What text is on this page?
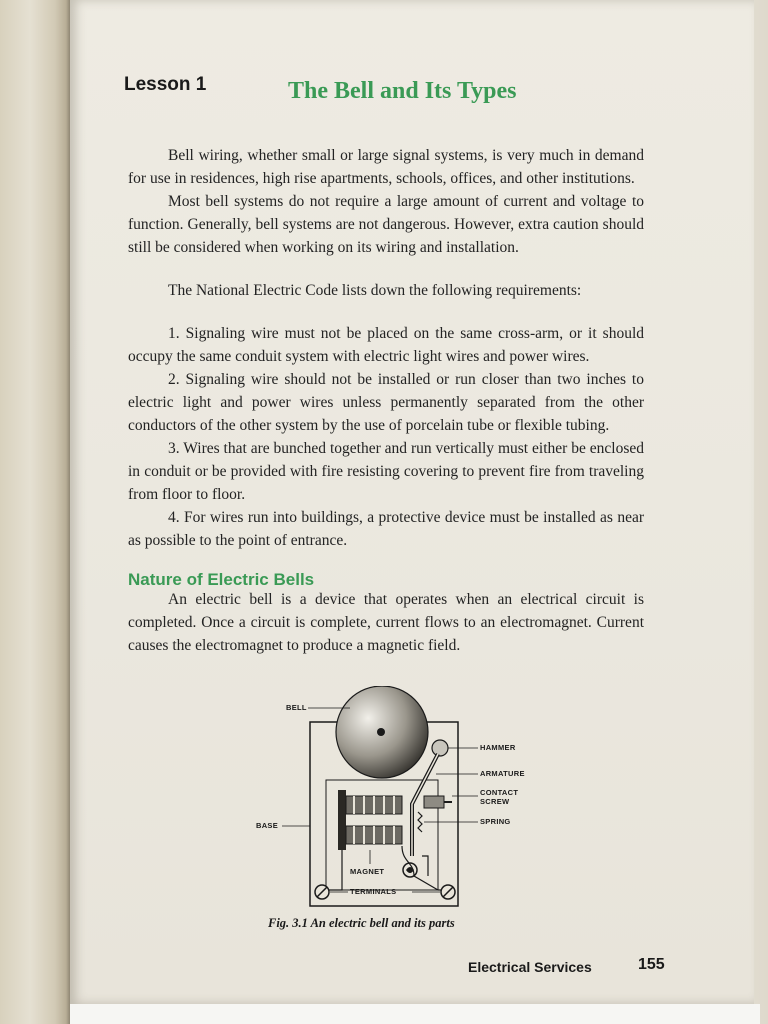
Lesson 1	The Bell and Its Types

Bell wiring, whether small or large signal systems, is very much in demand for use in residences, high rise apartments, schools, offices, and other institutions.

Most bell systems do not require a large amount of current and voltage to function. Generally, bell systems are not dangerous. However, extra caution should still be considered when working on its wiring and installation.

The National Electric Code lists down the following requirements:

1. Signaling wire must not be placed on the same cross-arm, or it should occupy the same conduit system with electric light wires and power wires.

2. Signaling wire should not be installed or run closer than two inches to electric light and power wires unless permanently separated from the other conductors of the other system by the use of porcelain tube or flexible tubing.

3. Wires that are bunched together and run vertically must either be enclosed in conduit or be provided with fire resisting covering to prevent fire from traveling from floor to floor.

4. For wires run into buildings, a protective device must be installed as near as possible to the point of entrance.

Nature of Electric Bells

An electric bell is a device that operates when an electrical circuit is completed. Once a circuit is complete, current flows to an electromagnet. Current causes the electromagnet to produce a magnetic field.

BELL
HAMMER
ARMATURE
CONTACT
SCREW
SPRING
BASE
MAGNET
TERMINALS
Fig. 3.1 An electric bell and its parts
Electrical Services	155
